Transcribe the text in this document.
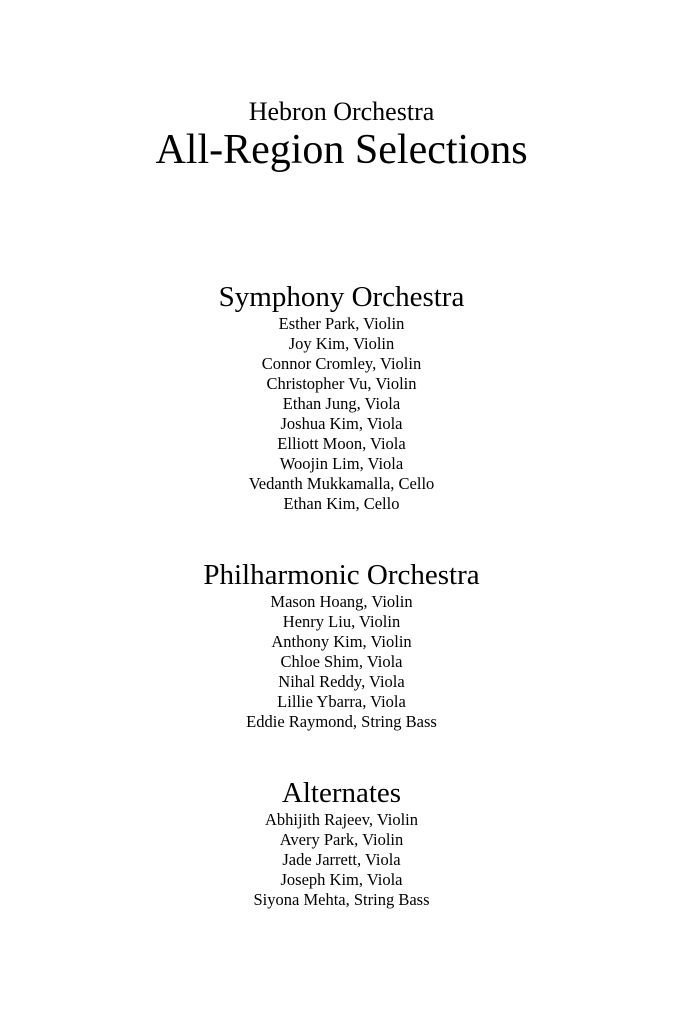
Hebron Orchestra
All-Region Selections
Symphony Orchestra
Esther Park, Violin
Joy Kim, Violin
Connor Cromley, Violin
Christopher Vu, Violin
Ethan Jung, Viola
Joshua Kim, Viola
Elliott Moon, Viola
Woojin Lim, Viola
Vedanth Mukkamalla, Cello
Ethan Kim, Cello
Philharmonic Orchestra
Mason Hoang, Violin
Henry Liu, Violin
Anthony Kim, Violin
Chloe Shim, Viola
Nihal Reddy, Viola
Lillie Ybarra, Viola
Eddie Raymond, String Bass
Alternates
Abhijith Rajeev, Violin
Avery Park, Violin
Jade Jarrett, Viola
Joseph Kim, Viola
Siyona Mehta, String Bass
